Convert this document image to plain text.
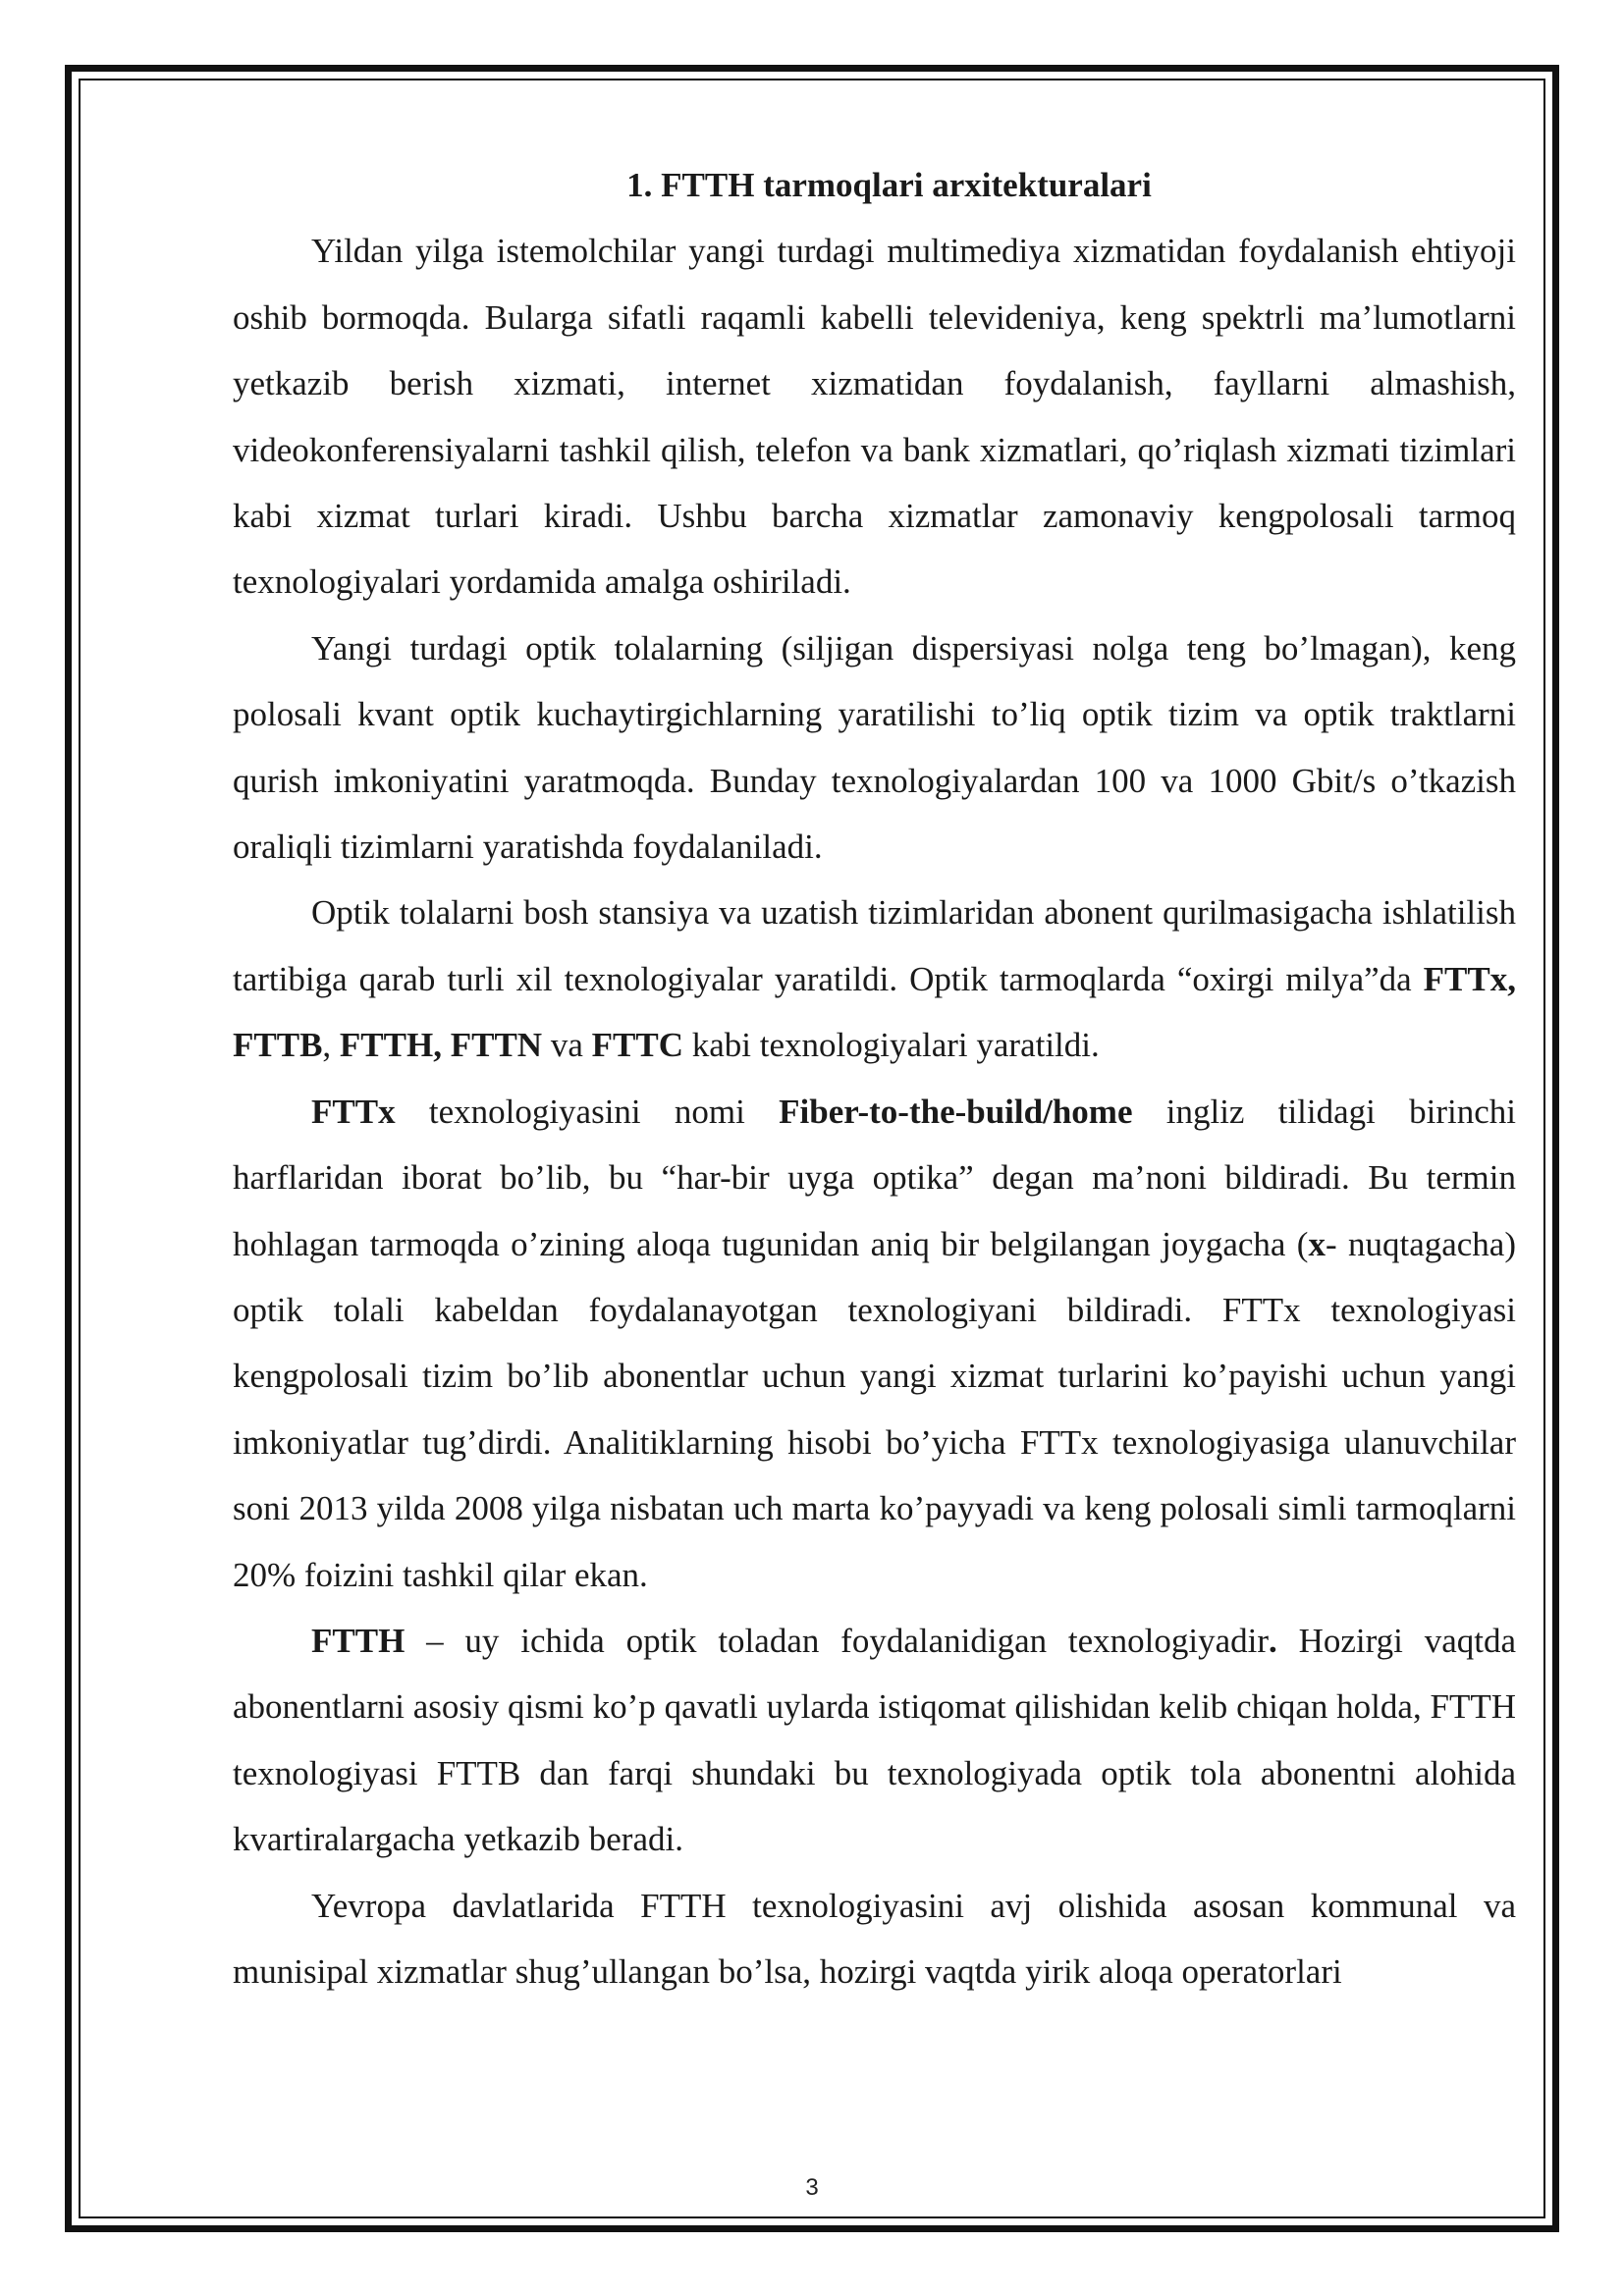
1. FTTH tarmoqlari arxitekturalari

Yildan yilga istemolchilar yangi turdagi multimediya xizmatidan foydalanish ehtiyoji oshib bormoqda. Bularga sifatli raqamli kabelli televideniya, keng spektrli ma’lumotlarni yetkazib berish xizmati, internet xizmatidan foydalanish, fayllarni almashish, videokonferensiyalarni tashkil qilish, telefon va bank xizmatlari, qo’riqlash xizmati tizimlari kabi xizmat turlari kiradi. Ushbu barcha xizmatlar zamonaviy kengpolosali tarmoq texnologiyalari yordamida amalga oshiriladi.

Yangi turdagi optik tolalarning (siljigan dispersiyasi nolga teng bo’lmagan), keng polosali kvant optik kuchaytirgichlarning yaratilishi to’liq optik tizim va optik traktlarni qurish imkoniyatini yaratmoqda. Bunday texnologiyalardan 100 va 1000 Gbit/s o’tkazish oraliqli tizimlarni yaratishda foydalaniladi.

Optik tolalarni bosh stansiya va uzatish tizimlaridan abonent qurilmasigacha ishlatilish tartibiga qarab turli xil texnologiyalar yaratildi. Optik tarmoqlarda “oxirgi milya”da FTTx, FTTB, FTTH, FTTN va FTTC kabi texnologiyalari yaratildi.

FTTx texnologiyasini nomi Fiber-to-the-build/home ingliz tilidagi birinchi harflaridan iborat bo’lib, bu “har-bir uyga optika” degan ma’noni bildiradi. Bu termin hohlagan tarmoqda o’zining aloqa tugunidan aniq bir belgilangan joygacha (x- nuqtagacha) optik tolali kabeldan foydalanayotgan texnologiyani bildiradi. FTTx texnologiyasi kengpolosali tizim bo’lib abonentlar uchun yangi xizmat turlarini ko’payishi uchun yangi imkoniyatlar tug’dirdi. Analitiklarning hisobi bo’yicha FTTx texnologiyasiga ulanuvchilar soni 2013 yilda 2008 yilga nisbatan uch marta ko’payyadi va keng polosali simli tarmoqlarni 20% foizini tashkil qilar ekan.

FTTH – uy ichida optik toladan foydalanidigan texnologiyadir. Hozirgi vaqtda abonentlarni asosiy qismi ko’p qavatli uylarda istiqomat qilishidan kelib chiqan holda, FTTH texnologiyasi FTTB dan farqi shundaki bu texnologiyada optik tola abonentni alohida kvartiralargacha yetkazib beradi.

Yevropa davlatlarida FTTH texnologiyasini avj olishida asosan kommunal va munisipal xizmatlar shug’ullangan bo’lsa, hozirgi vaqtda yirik aloqa operatorlari

3
